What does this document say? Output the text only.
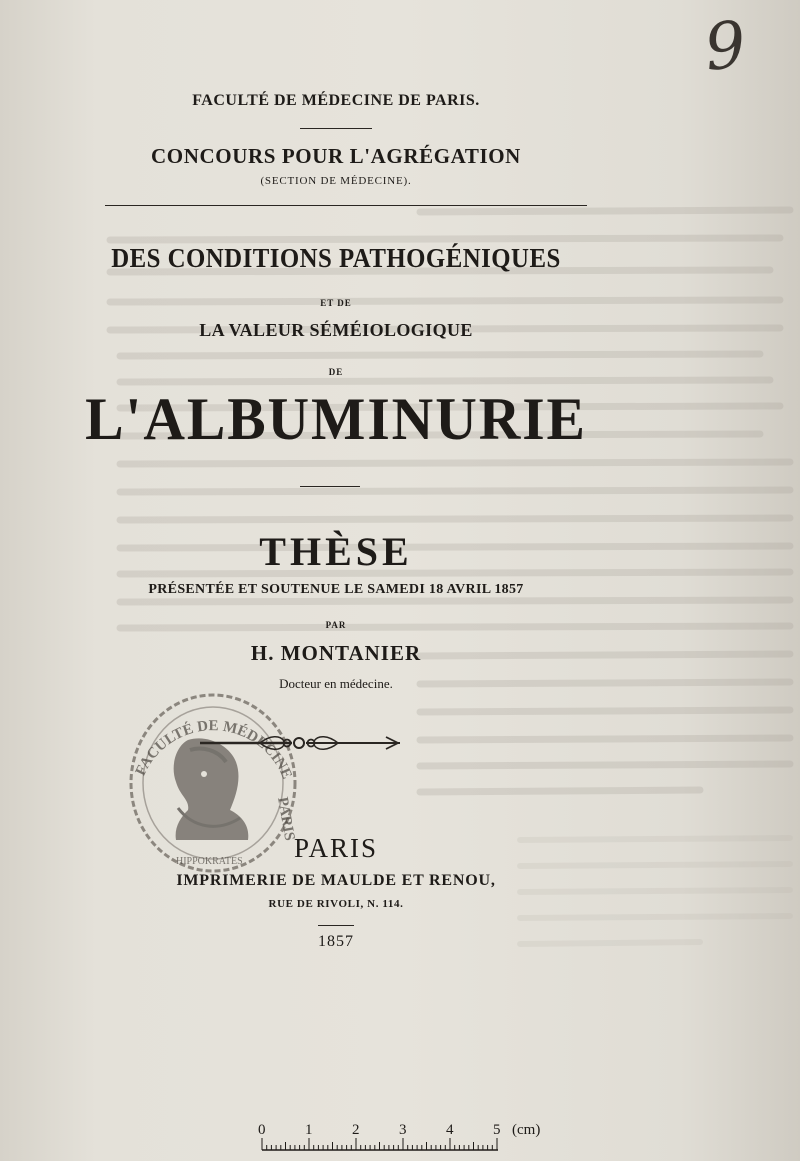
9
FACULTÉ DE MÉDECINE DE PARIS.
CONCOURS POUR L'AGRÉGATION
(SECTION DE MÉDECINE).
DES CONDITIONS PATHOGÉNIQUES
ET DE
LA VALEUR SÉMÉIOLOGIQUE
DE
L'ALBUMINURIE
THÈSE
PRÉSENTÉE ET SOUTENUE LE SAMEDI 18 AVRIL 1857
PAR
H. MONTANIER
Docteur en médecine.
FACULTÉ DE MÉDECINE
PARIS
HIPPOKRATES	PARIS
IMPRIMERIE DE MAULDE ET RENOU,
RUE DE RIVOLI, N. 114.
1857
0	1	2	3	4	5 (cm)
